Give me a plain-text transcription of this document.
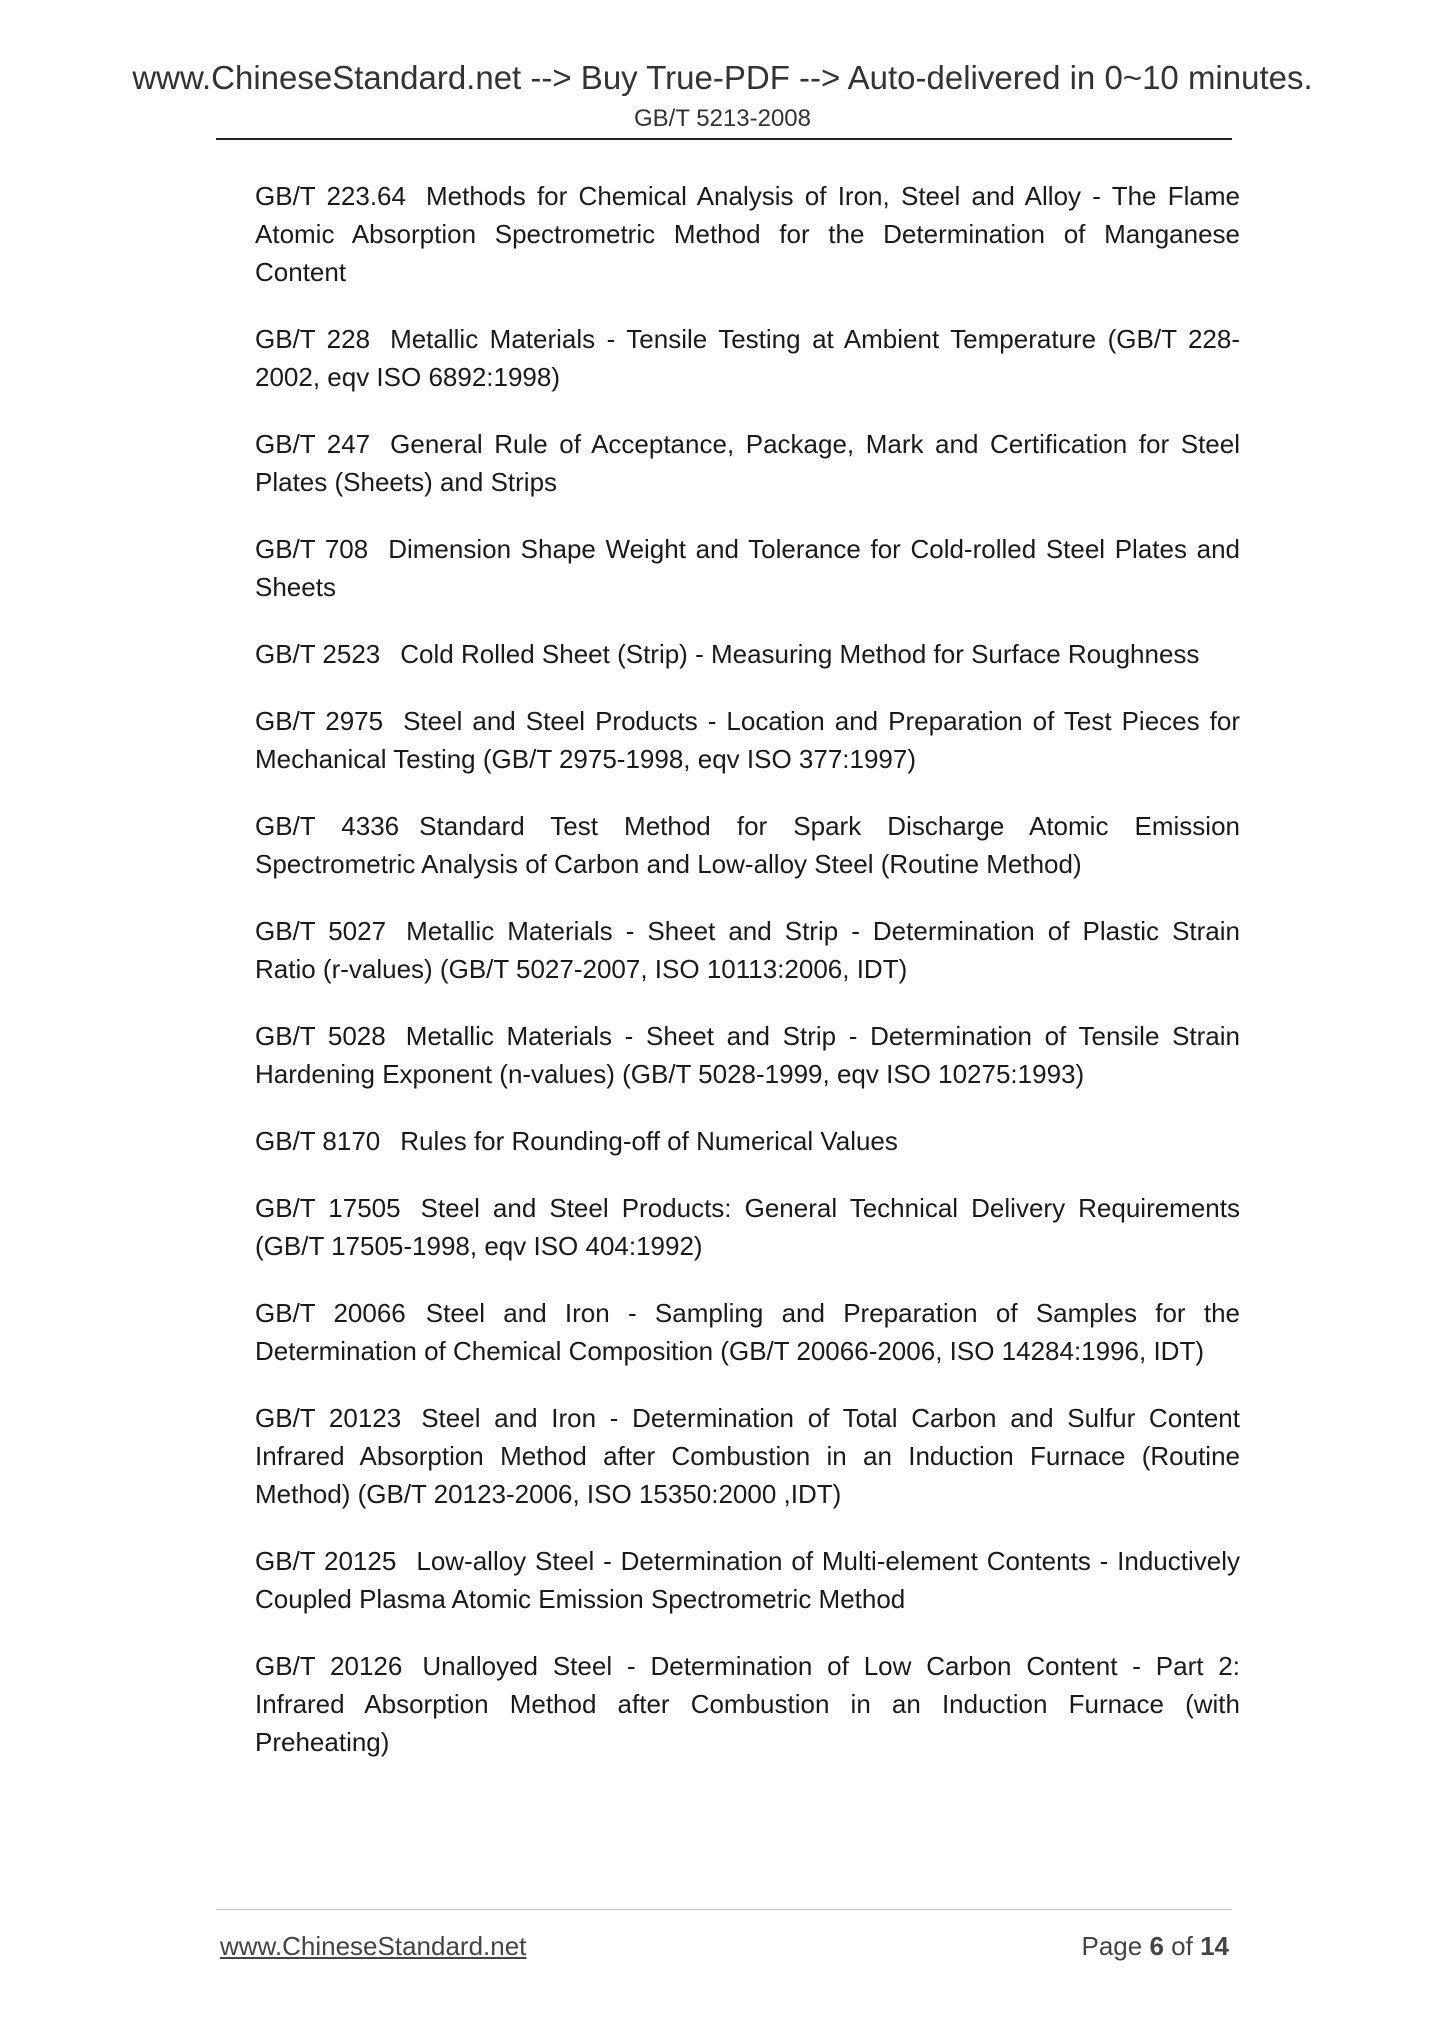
www.ChineseStandard.net --> Buy True-PDF --> Auto-delivered in 0~10 minutes.
GB/T 5213-2008

GB/T 223.64 Methods for Chemical Analysis of Iron, Steel and Alloy - The Flame Atomic Absorption Spectrometric Method for the Determination of Manganese Content

GB/T 228 Metallic Materials - Tensile Testing at Ambient Temperature (GB/T 228-2002, eqv ISO 6892:1998)

GB/T 247 General Rule of Acceptance, Package, Mark and Certification for Steel Plates (Sheets) and Strips

GB/T 708 Dimension Shape Weight and Tolerance for Cold-rolled Steel Plates and Sheets

GB/T 2523 Cold Rolled Sheet (Strip) - Measuring Method for Surface Roughness

GB/T 2975 Steel and Steel Products - Location and Preparation of Test Pieces for Mechanical Testing (GB/T 2975-1998, eqv ISO 377:1997)

GB/T 4336 Standard Test Method for Spark Discharge Atomic Emission Spectrometric Analysis of Carbon and Low-alloy Steel (Routine Method)

GB/T 5027 Metallic Materials - Sheet and Strip - Determination of Plastic Strain Ratio (r-values) (GB/T 5027-2007, ISO 10113:2006, IDT)

GB/T 5028 Metallic Materials - Sheet and Strip - Determination of Tensile Strain Hardening Exponent (n-values) (GB/T 5028-1999, eqv ISO 10275:1993)

GB/T 8170 Rules for Rounding-off of Numerical Values

GB/T 17505 Steel and Steel Products: General Technical Delivery Requirements (GB/T 17505-1998, eqv ISO 404:1992)

GB/T 20066 Steel and Iron - Sampling and Preparation of Samples for the Determination of Chemical Composition (GB/T 20066-2006, ISO 14284:1996, IDT)

GB/T 20123 Steel and Iron - Determination of Total Carbon and Sulfur Content Infrared Absorption Method after Combustion in an Induction Furnace (Routine Method) (GB/T 20123-2006, ISO 15350:2000 ,IDT)

GB/T 20125 Low-alloy Steel - Determination of Multi-element Contents - Inductively Coupled Plasma Atomic Emission Spectrometric Method

GB/T 20126 Unalloyed Steel - Determination of Low Carbon Content - Part 2: Infrared Absorption Method after Combustion in an Induction Furnace (with Preheating)

www.ChineseStandard.net	Page 6 of 14
